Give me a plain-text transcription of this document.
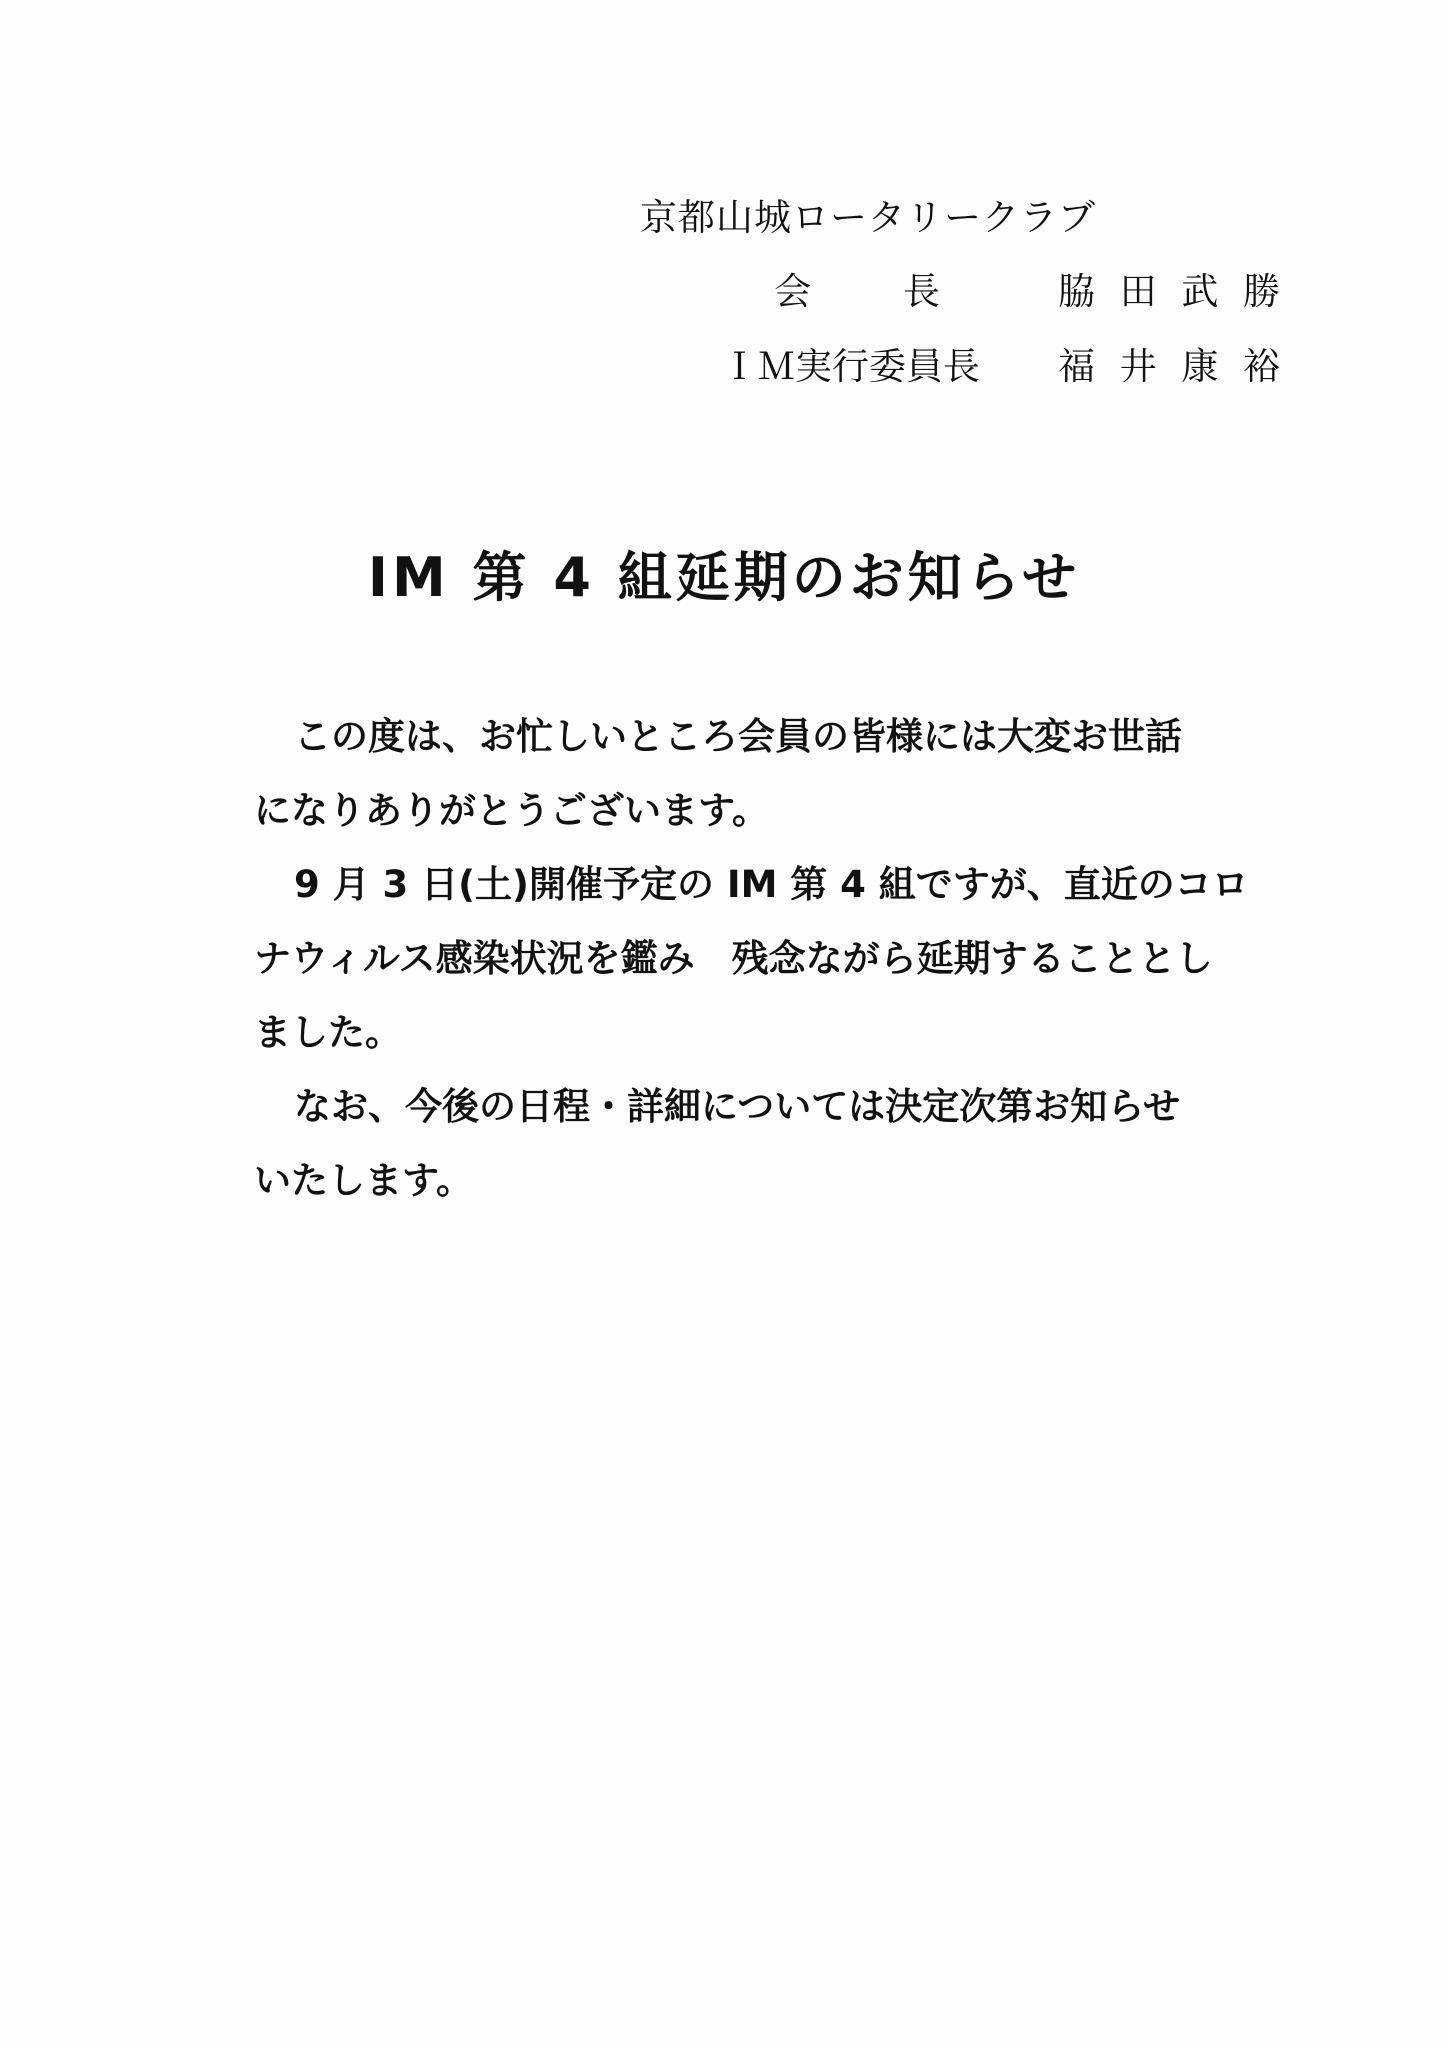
京都山城ロータリークラブ
会 長 脇 田 武 勝
ＩＭ実行委員長 福 井 康 裕
IM 第 4 組延期のお知らせ
この度は、お忙しいところ会員の皆様には大変お世話
になりありがとうございます。
9 月 3 日(土)開催予定の IM 第 4 組ですが、直近のコロ
ナウィルス感染状況を鑑み　残念ながら延期することとし
ました。
なお、今後の日程・詳細については決定次第お知らせ
いたします。
